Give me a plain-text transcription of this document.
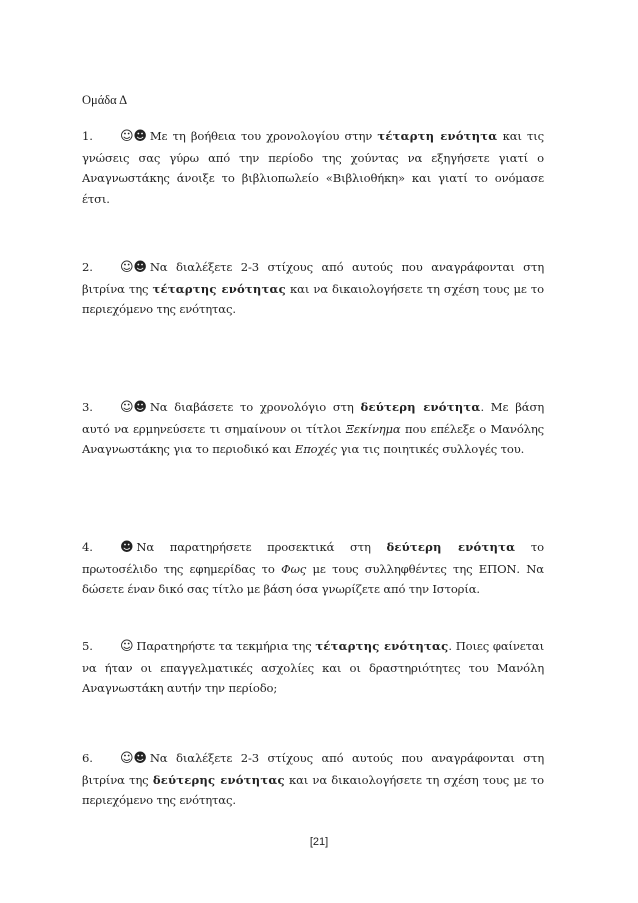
Ομάδα Δ
1. ☺☻ Με τη βοήθεια του χρονολογίου στην τέταρτη ενότητα και τις γνώσεις σας γύρω από την περίοδο της χούντας να εξηγήσετε γιατί ο Αναγνωστάκης άνοιξε το βιβλιοπωλείο «Βιβλιοθήκη» και γιατί το ονόμασε έτσι.
2. ☺☻ Να διαλέξετε 2-3 στίχους από αυτούς που αναγράφονται στη βιτρίνα της τέταρτης ενότητας και να δικαιολογήσετε τη σχέση τους με το περιεχόμενο της ενότητας.
3. ☺☻ Να διαβάσετε το χρονολόγιο στη δεύτερη ενότητα. Με βάση αυτό να ερμηνεύσετε τι σημαίνουν οι τίτλοι Ξεκίνημα που επέλεξε ο Μανόλης Αναγνωστάκης για το περιοδικό και Εποχές για τις ποιητικές συλλογές του.
4. ☻ Να παρατηρήσετε προσεκτικά στη δεύτερη ενότητα το πρωτοσέλιδο της εφημερίδας το Φως με τους συλληφθέντες της ΕΠΟΝ. Να δώσετε έναν δικό σας τίτλο με βάση όσα γνωρίζετε από την Ιστορία.
5. ☺ Παρατηρήστε τα τεκμήρια της τέταρτης ενότητας. Ποιες φαίνεται να ήταν οι επαγγελματικές ασχολίες και οι δραστηριότητες του Μανόλη Αναγνωστάκη αυτήν την περίοδο;
6. ☺☻ Να διαλέξετε 2-3 στίχους από αυτούς που αναγράφονται στη βιτρίνα της δεύτερης ενότητας και να δικαιολογήσετε τη σχέση τους με το περιεχόμενο της ενότητας.
[21]
